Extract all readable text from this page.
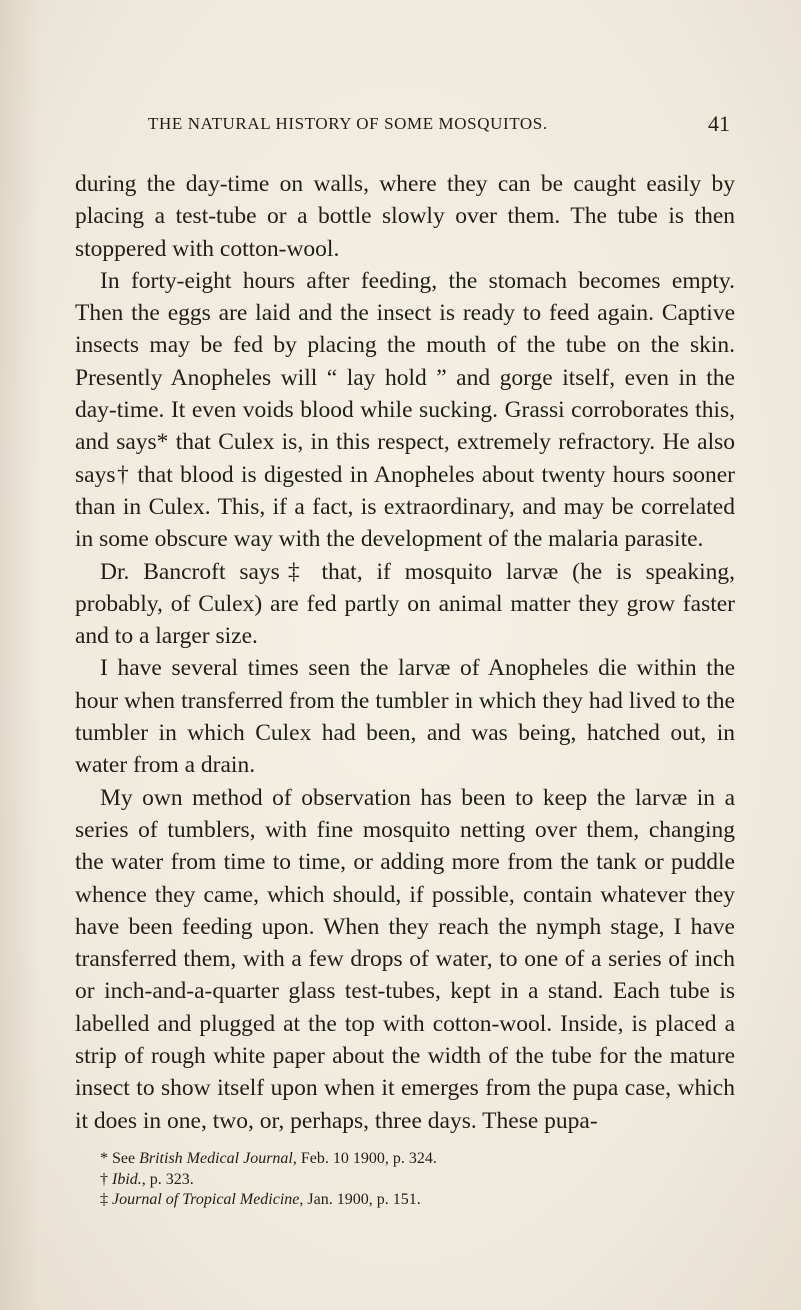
THE NATURAL HISTORY OF SOME MOSQUITOS.	41

during the day-time on walls, where they can be caught easily by placing a test-tube or a bottle slowly over them. The tube is then stoppered with cotton-wool.

In forty-eight hours after feeding, the stomach becomes empty. Then the eggs are laid and the insect is ready to feed again. Captive insects may be fed by placing the mouth of the tube on the skin. Presently Anopheles will “ lay hold ” and gorge itself, even in the day-time. It even voids blood while sucking. Grassi corroborates this, and says* that Culex is, in this respect, extremely refractory. He also says† that blood is digested in Anopheles about twenty hours sooner than in Culex. This, if a fact, is extraordinary, and may be correlated in some obscure way with the development of the malaria parasite.

Dr. Bancroft says‡ that, if mosquito larvæ (he is speaking, probably, of Culex) are fed partly on animal matter they grow faster and to a larger size.

I have several times seen the larvæ of Anopheles die within the hour when transferred from the tumbler in which they had lived to the tumbler in which Culex had been, and was being, hatched out, in water from a drain.

My own method of observation has been to keep the larvæ in a series of tumblers, with fine mosquito netting over them, changing the water from time to time, or adding more from the tank or puddle whence they came, which should, if possible, contain whatever they have been feeding upon. When they reach the nymph stage, I have transferred them, with a few drops of water, to one of a series of inch or inch-and-a-quarter glass test-tubes, kept in a stand. Each tube is labelled and plugged at the top with cotton-wool. Inside, is placed a strip of rough white paper about the width of the tube for the mature insect to show itself upon when it emerges from the pupa case, which it does in one, two, or, perhaps, three days. These pupa-

* See British Medical Journal, Feb. 10 1900, p. 324.
† Ibid., p. 323.
‡ Journal of Tropical Medicine, Jan. 1900, p. 151.
